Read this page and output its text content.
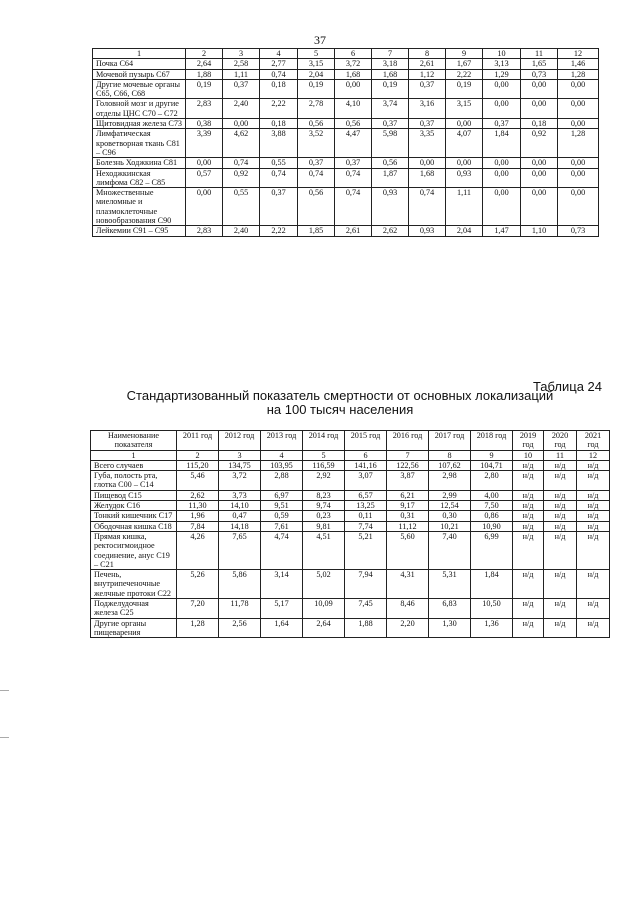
37
1	2	3	4	5	6	7	8	9	10	11	12
Почка С64	2,64	2,58	2,77	3,15	3,72	3,18	2,61	1,67	3,13	1,65	1,46
Мочевой пузырь С67	1,88	1,11	0,74	2,04	1,68	1,68	1,12	2,22	1,29	0,73	1,28
Другие мочевые органы С65, С66, С68	0,19	0,37	0,18	0,19	0,00	0,19	0,37	0,19	0,00	0,00	0,00
Головной мозг и другие отделы ЦНС С70 – С72	2,83	2,40	2,22	2,78	4,10	3,74	3,16	3,15	0,00	0,00	0,00
Щитовидная железа С73	0,38	0,00	0,18	0,56	0,56	0,37	0,37	0,00	0,37	0,18	0,00
Лимфатическая кроветворная ткань С81 – С96	3,39	4,62	3,88	3,52	4,47	5,98	3,35	4,07	1,84	0,92	1,28
Болезнь Ходжкина С81	0,00	0,74	0,55	0,37	0,37	0,56	0,00	0,00	0,00	0,00	0,00
Неходжкинская лимфома С82 – С85	0,57	0,92	0,74	0,74	0,74	1,87	1,68	0,93	0,00	0,00	0,00
Множественные миеломные и плазмоклеточные новообразования С90	0,00	0,55	0,37	0,56	0,74	0,93	0,74	1,11	0,00	0,00	0,00
Лейкемии С91 – С95	2,83	2,40	2,22	1,85	2,61	2,62	0,93	2,04	1,47	1,10	0,73
Таблица 24
Стандартизованный показатель смертности от основных локализаций на 100 тысяч населения
Наименование показателя	2011 год	2012 год	2013 год	2014 год	2015 год	2016 год	2017 год	2018 год	2019 год	2020 год	2021 год
1	2	3	4	5	6	7	8	9	10	11	12
Всего случаев	115,20	134,75	103,95	116,59	141,16	122,56	107,62	104,71	н/д	н/д	н/д
Губа, полость рта, глотка С00 – С14	5,46	3,72	2,88	2,92	3,07	3,87	2,98	2,80	н/д	н/д	н/д
Пищевод С15	2,62	3,73	6,97	8,23	6,57	6,21	2,99	4,00	н/д	н/д	н/д
Желудок С16	11,30	14,10	9,51	9,74	13,25	9,17	12,54	7,50	н/д	н/д	н/д
Тонкий кишечник С17	1,96	0,47	0,59	0,23	0,11	0,31	0,30	0,86	н/д	н/д	н/д
Ободочная кишка С18	7,84	14,18	7,61	9,81	7,74	11,12	10,21	10,90	н/д	н/д	н/д
Прямая кишка, ректосигмоидное соединение, анус С19 – С21	4,26	7,65	4,74	4,51	5,21	5,60	7,40	6,99	н/д	н/д	н/д
Печень, внутрипеченочные желчные протоки С22	5,26	5,86	3,14	5,02	7,94	4,31	5,31	1,84	н/д	н/д	н/д
Поджелудочная железа С25	7,20	11,78	5,17	10,09	7,45	8,46	6,83	10,50	н/д	н/д	н/д
Другие органы пищеварения	1,28	2,56	1,64	2,64	1,88	2,20	1,30	1,36	н/д	н/д	н/д
